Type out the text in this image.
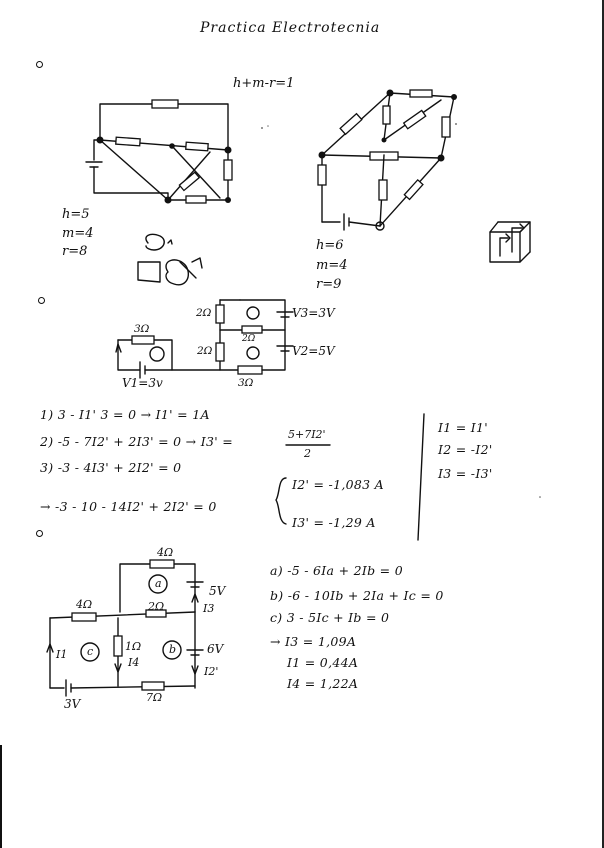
Practica Electrotecnia
h+m-r=1
h=5
m=4
r=8	h=6
m=4
r=9
2Ω
2Ω
2Ω
3Ω
3Ω
V3=3V
V2=5V
V1=3v
1) 3 - I1' 3 = 0 → I1' = 1A
2) -5 - 7I2' + 2I3' = 0 → I3' =
3) -3 - 4I3' + 2I2' = 0
5+7I2'
2
→ -3 - 10 - 14I2' + 2I2' = 0
I2' = -1,083 A
I3' = -1,29 A
I1 = I1'
I2 = -I2'
I3 = -I3'
4Ω
4Ω	2Ω
1Ω
7Ω
5V
6V
3V
I3
I1
I4
I2'
a
c	b
a) -5 - 6Ia + 2Ib = 0
b) -6 - 10Ib + 2Ia + Ic = 0
c) 3 - 5Ic + Ib = 0
→ I3 = 1,09A
I1 = 0,44A
I4 = 1,22A
